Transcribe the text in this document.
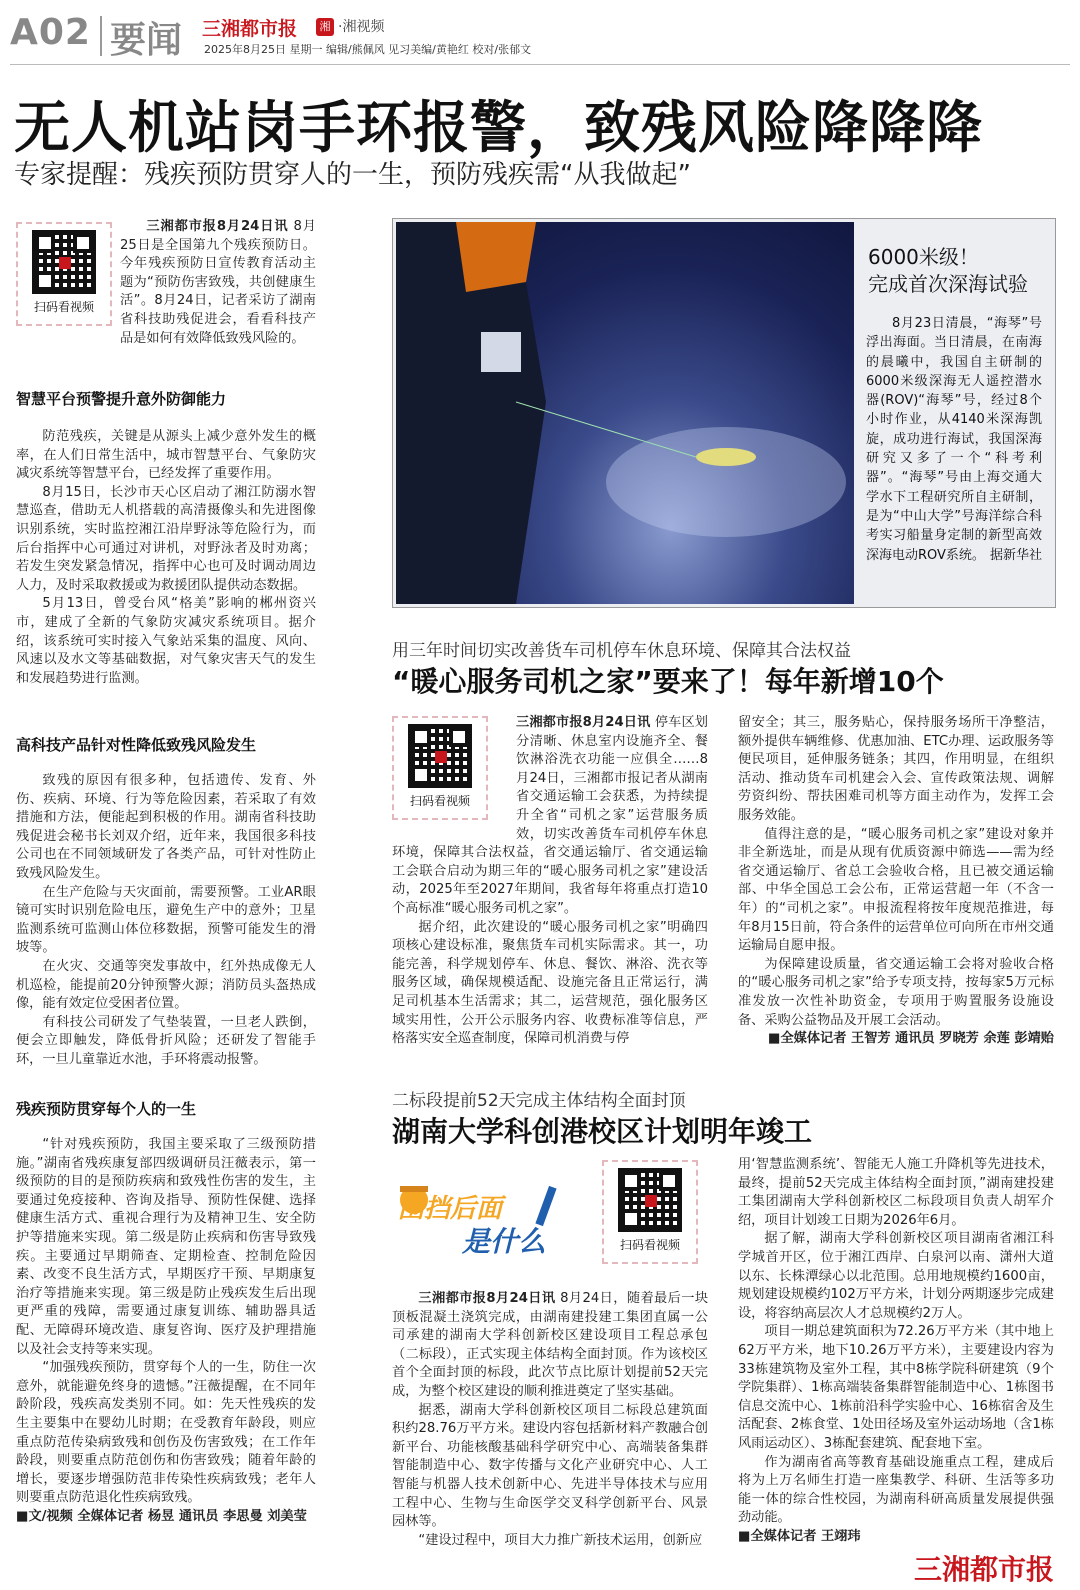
A02 要闻 三湘都市报	湘 ·湘视频
2025年8月25日 星期一 编辑/熊佩风 见习美编/黄艳红 校对/张郁文
无人机站岗手环报警，致残风险降降降
专家提醒：残疾预防贯穿人的一生，预防残疾需“从我做起”
扫码看视频
三湘都市报8月24日讯 8月25日是全国第九个残疾预防日。今年残疾预防日宣传教育活动主题为“预防伤害致残，共创健康生活”。8月24日，记者采访了湖南省科技助残促进会，看看科技产品是如何有效降低致残风险的。
智慧平台预警提升意外防御能力

防范残疾，关键是从源头上减少意外发生的概率，在人们日常生活中，城市智慧平台、气象防灾减灾系统等智慧平台，已经发挥了重要作用。

8月15日，长沙市天心区启动了湘江防溺水智慧巡查，借助无人机搭载的高清摄像头和先进图像识别系统，实时监控湘江沿岸野泳等危险行为，而后台指挥中心可通过对讲机，对野泳者及时劝离；若发生突发紧急情况，指挥中心也可及时调动周边人力，及时采取救援或为救援团队提供动态数据。

5月13日，曾受台风“格美”影响的郴州资兴市，建成了全新的气象防灾减灾系统项目。据介绍，该系统可实时接入气象站采集的温度、风向、风速以及水文等基础数据，对气象灾害天气的发生和发展趋势进行监测。

高科技产品针对性降低致残风险发生

致残的原因有很多种，包括遗传、发育、外伤、疾病、环境、行为等危险因素，若采取了有效措施和方法，便能起到积极的作用。湖南省科技助残促进会秘书长刘双介绍，近年来，我国很多科技公司也在不同领域研发了各类产品，可针对性防止致残风险发生。

在生产危险与天灾面前，需要预警。工业AR眼镜可实时识别危险电压，避免生产中的意外；卫星监测系统可监测山体位移数据，预警可能发生的滑坡等。

在火灾、交通等突发事故中，红外热成像无人机巡检，能提前20分钟预警火源；消防员头盔热成像，能有效定位受困者位置。

有科技公司研发了气垫装置，一旦老人跌倒，便会立即触发，降低骨折风险；还研发了智能手环，一旦儿童靠近水池，手环将震动报警。

残疾预防贯穿每个人的一生

“针对残疾预防，我国主要采取了三级预防措施。”湖南省残疾康复部四级调研员汪薇表示，第一级预防的目的是预防疾病和致残性伤害的发生，主要通过免疫接种、咨询及指导、预防性保健、选择健康生活方式、重视合理行为及精神卫生、安全防护等措施来实现。第二级是防止疾病和伤害导致残疾。主要通过早期筛查、定期检查、控制危险因素、改变不良生活方式，早期医疗干预、早期康复治疗等措施来实现。第三级是防止残疾发生后出现更严重的残障，需要通过康复训练、辅助器具适配、无障碍环境改造、康复咨询、医疗及护理措施以及社会支持等来实现。

“加强残疾预防，贯穿每个人的一生，防住一次意外，就能避免终身的遗憾。”汪薇提醒，在不同年龄阶段，残疾高发类别不同。如：先天性残疾的发生主要集中在婴幼儿时期；在受教育年龄段，则应重点防范传染病致残和创伤及伤害致残；在工作年龄段，则要重点防范创伤和伤害致残；随着年龄的增长，要逐步增强防范非传染性疾病致残；老年人则要重点防范退化性疾病致残。

■文/视频 全媒体记者 杨昱 通讯员 李思曼 刘美莹
6000米级！
完成首次深海试验
8月23日清晨，“海琴”号浮出海面。当日清晨，在南海的晨曦中，我国自主研制的6000米级深海无人遥控潜水器(ROV)“海琴”号，经过8个小时作业，从4140米深海凯旋，成功进行海试，我国深海研究又多了一个“科考利器”。“海琴”号由上海交通大学水下工程研究所自主研制，是为“中山大学”号海洋综合科考实习船量身定制的新型高效深海电动ROV系统。 据新华社
用三年时间切实改善货车司机停车休息环境、保障其合法权益
“暖心服务司机之家”要来了！每年新增10个
扫码看视频
三湘都市报8月24日讯 停车区划分清晰、休息室内设施齐全、餐饮淋浴洗衣功能一应俱全……8月24日，三湘都市报记者从湖南省交通运输工会获悉，为持续提升全省“司机之家”运营服务质效，切实改善货车司机停车休息环境，保障其合法权益，省交通运输厅、省交通运输工会联合启动为期三年的“暖心服务司机之家”建设活动，2025年至2027年期间，我省每年将重点打造10个高标准“暖心服务司机之家”。

据介绍，此次建设的“暖心服务司机之家”明确四项核心建设标准，聚焦货车司机实际需求。其一，功能完善，科学规划停车、休息、餐饮、淋浴、洗衣等服务区域，确保规模适配、设施完备且正常运行，满足司机基本生活需求；其二，运营规范，强化服务区域实用性，公开公示服务内容、收费标准等信息，严格落实安全巡查制度，保障司机消费与停

留安全；其三，服务贴心，保持服务场所干净整洁，额外提供车辆维修、优惠加油、ETC办理、运政服务等便民项目，延伸服务链条；其四，作用明显，在组织活动、推动货车司机建会入会、宣传政策法规、调解劳资纠纷、帮扶困难司机等方面主动作为，发挥工会服务效能。

值得注意的是，“暖心服务司机之家”建设对象并非全新选址，而是从现有优质资源中筛选——需为经省交通运输厅、省总工会验收合格，且已被交通运输部、中华全国总工会公布，正常运营超一年（不含一年）的“司机之家”。申报流程将按年度规范推进，每年8月15日前，符合条件的运营单位可向所在市州交通运输局自愿申报。

为保障建设质量，省交通运输工会将对验收合格的“暖心服务司机之家”给予专项支持，按每家5万元标准发放一次性补助资金，专项用于购置服务设施设备、采购公益物品及开展工会活动。

■全媒体记者 王智芳 通讯员 罗晓芳 余莲 彭靖贻
二标段提前52天完成主体结构全面封顶
湖南大学科创港校区计划明年竣工
围挡后面
是什么	扫码看视频
三湘都市报8月24日讯 8月24日，随着最后一块顶板混凝土浇筑完成，由湖南建投建工集团直属一公司承建的湖南大学科创新校区建设项目工程总承包（二标段），正式实现主体结构全面封顶。作为该校区首个全面封顶的标段，此次节点比原计划提前52天完成，为整个校区建设的顺利推进奠定了坚实基础。

据悉，湖南大学科创新校区项目二标段总建筑面积约28.76万平方米。建设内容包括新材料产教融合创新平台、功能核酸基础科学研究中心、高端装备集群智能制造中心、数字传播与文化产业研究中心、人工智能与机器人技术创新中心、先进半导体技术与应用工程中心、生物与生命医学交叉科学创新平台、风景园林等。

“建设过程中，项目大力推广新技术运用，创新应

用‘智慧监测系统’、智能无人施工升降机等先进技术，最终，提前52天完成主体结构全面封顶，”湖南建投建工集团湖南大学科创新校区二标段项目负责人胡军介绍，项目计划竣工日期为2026年6月。

据了解，湖南大学科创新校区项目湖南省湘江科学城首开区，位于湘江西岸、白泉河以南、潇州大道以东、长株潭绿心以北范围。总用地规模约1600亩，规划建设规模约102万平方米，计划分两期逐步完成建设，将容纳高层次人才总规模约2万人。

项目一期总建筑面积为72.26万平方米（其中地上62万平方米，地下10.26万平方米），主要建设内容为33栋建筑物及室外工程，其中8栋学院科研建筑（9个学院集群）、1栋高端装备集群智能制造中心、1栋图书信息交流中心、1栋前沿科学实验中心、16栋宿舍及生活配套、2栋食堂、1处田径场及室外运动场地（含1栋风雨运动区）、3栋配套建筑、配套地下室。

作为湖南省高等教育基础设施重点工程，建成后将为上万名师生打造一座集教学、科研、生活等多功能一体的综合性校园，为湖南科研高质量发展提供强劲动能。

■全媒体记者 王翊玮
三湘都市报
